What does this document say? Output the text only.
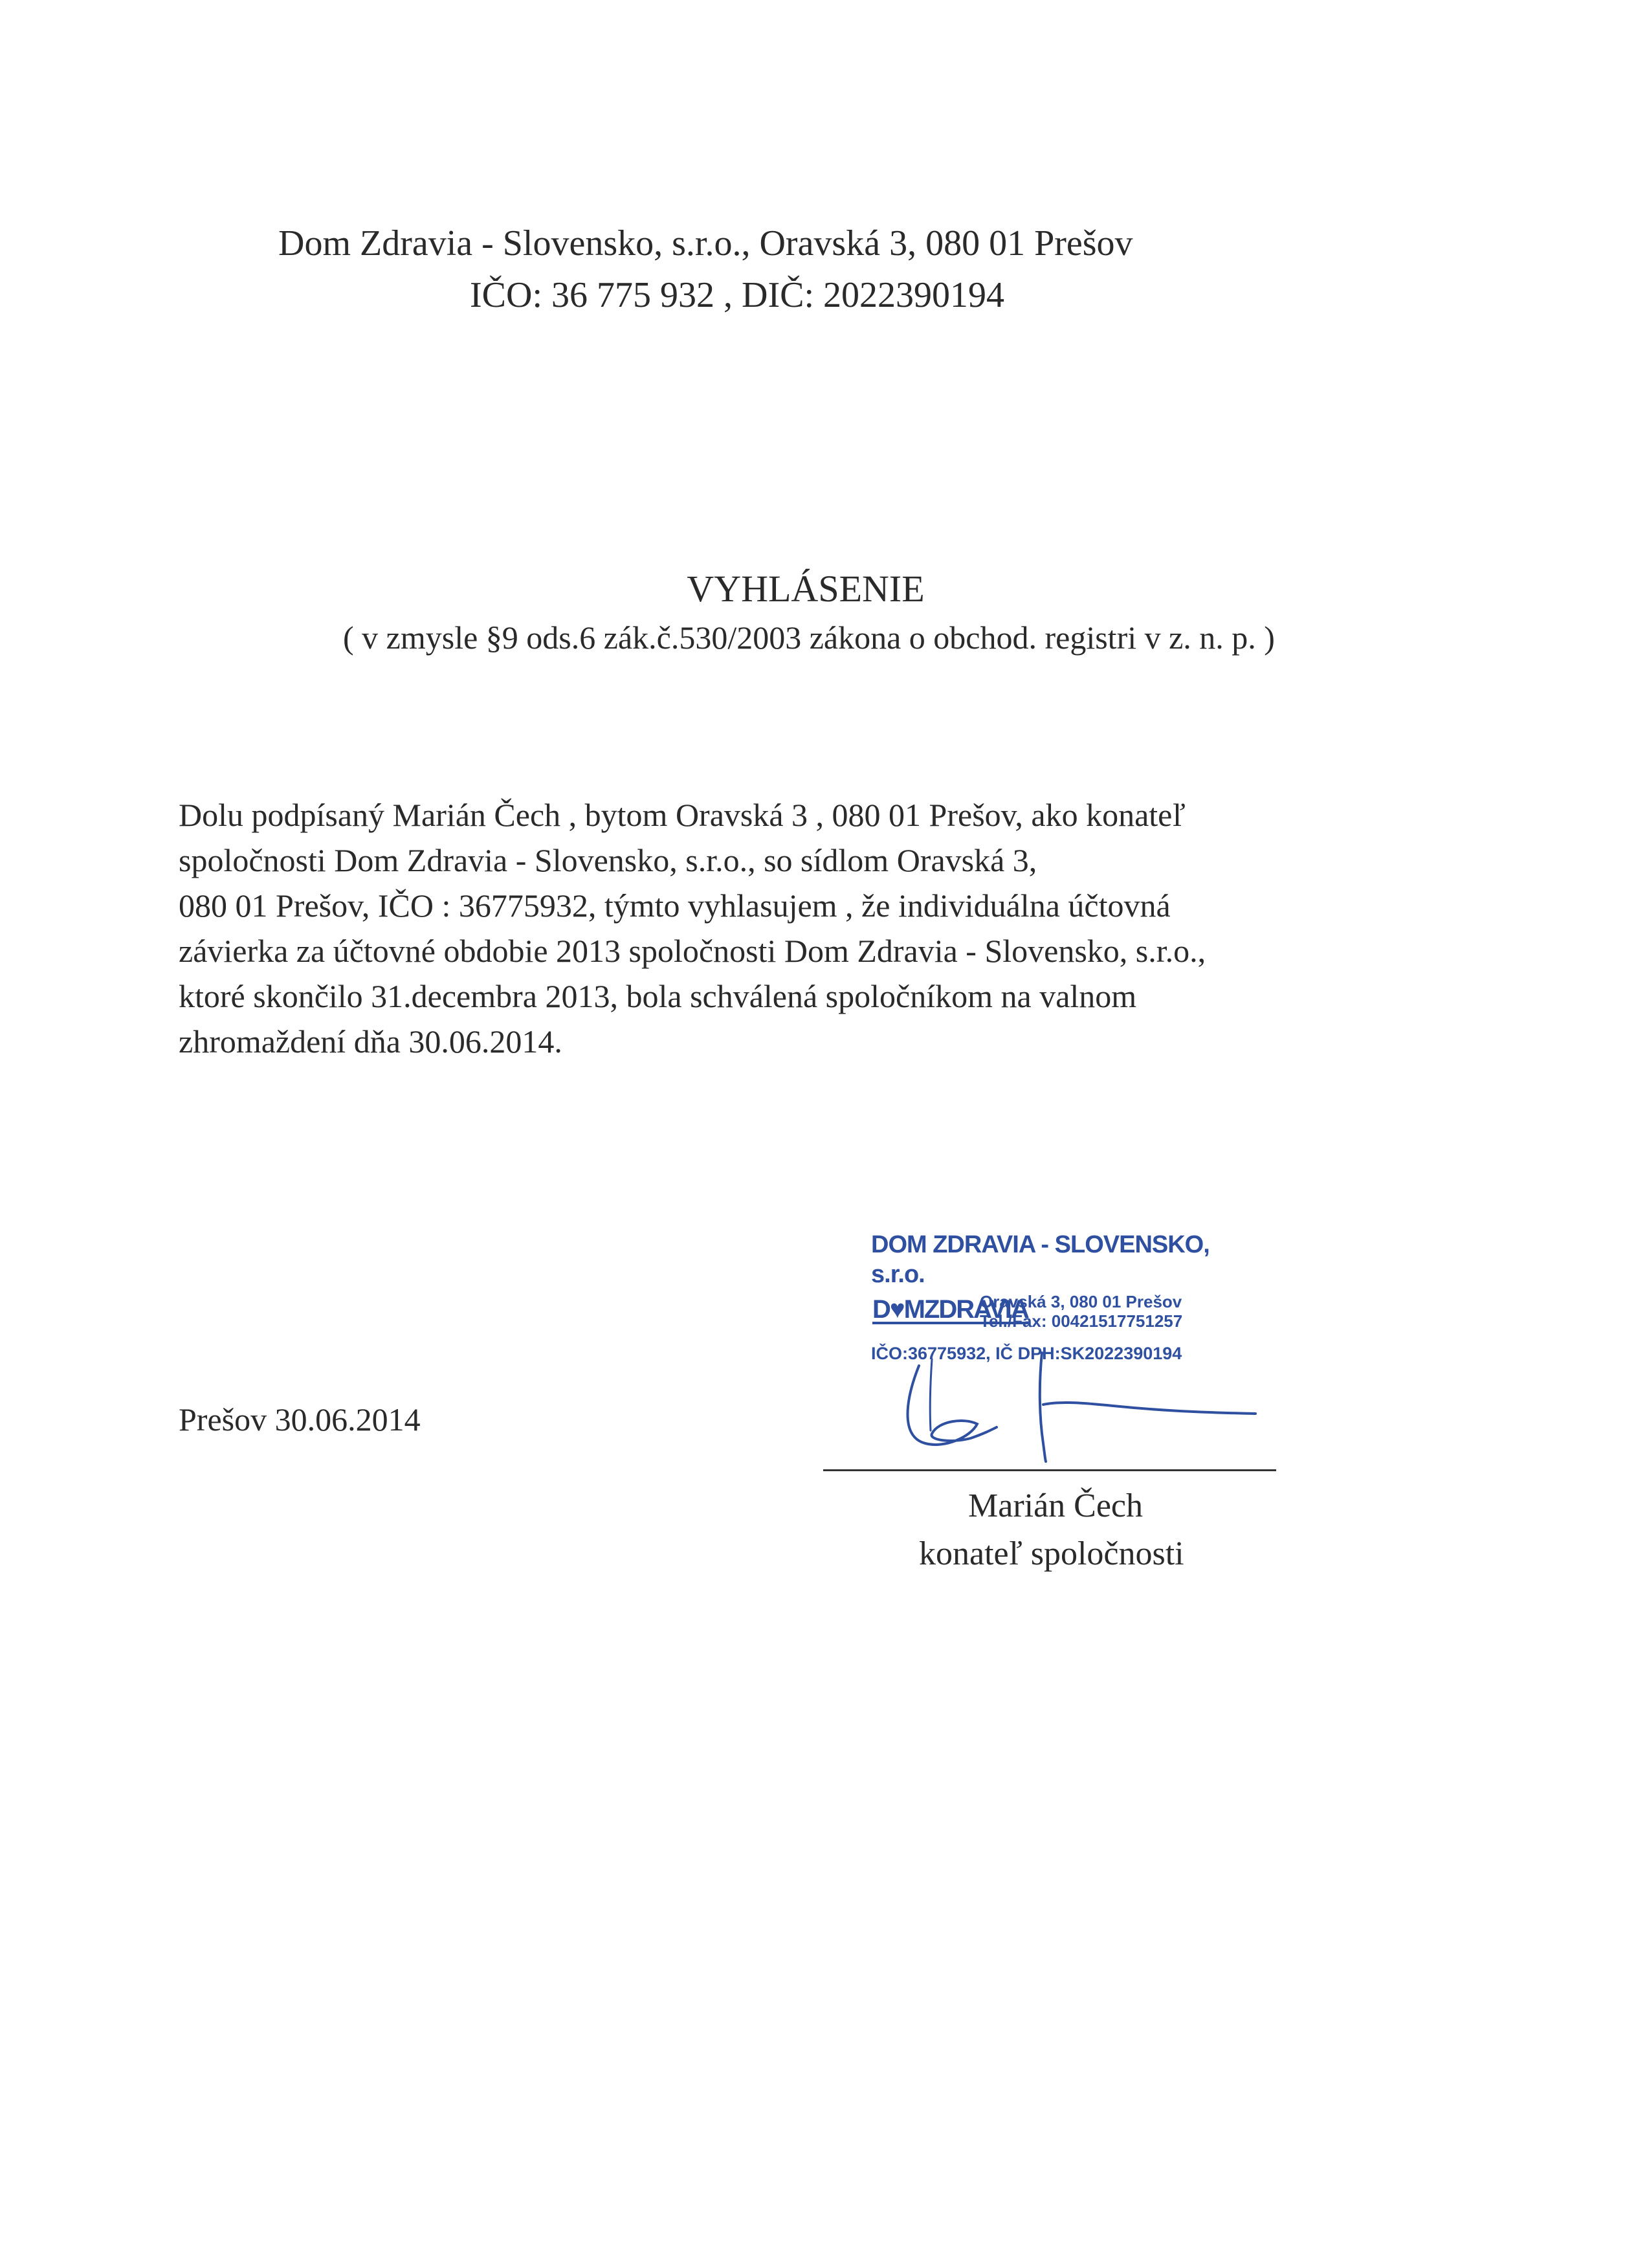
Dom Zdravia - Slovensko, s.r.o., Oravská 3, 080 01 Prešov
IČO: 36 775 932 , DIČ: 2022390194
VYHLÁSENIE
( v zmysle §9 ods.6 zák.č.530/2003 zákona o obchod. registri v z. n. p. )

Dolu podpísaný Marián Čech , bytom Oravská 3 , 080 01 Prešov, ako konateľ

spoločnosti Dom Zdravia - Slovensko, s.r.o., so sídlom Oravská 3,

080 01 Prešov, IČO : 36775932, týmto vyhlasujem , že individuálna účtovná

závierka za účtovné obdobie 2013 spoločnosti Dom Zdravia - Slovensko, s.r.o.,

ktoré skončilo 31.decembra 2013, bola schválená spoločníkom na valnom

zhromaždení dňa 30.06.2014.

Prešov 30.06.2014
DOM ZDRAVIA - SLOVENSKO, s.r.o.
D♥MZDRAVIA
Oravská 3, 080 01 Prešov
Tel./Fax: 00421517751257
IČO:36775932, IČ DPH:SK2022390194
Marián Čech
konateľ spoločnosti
